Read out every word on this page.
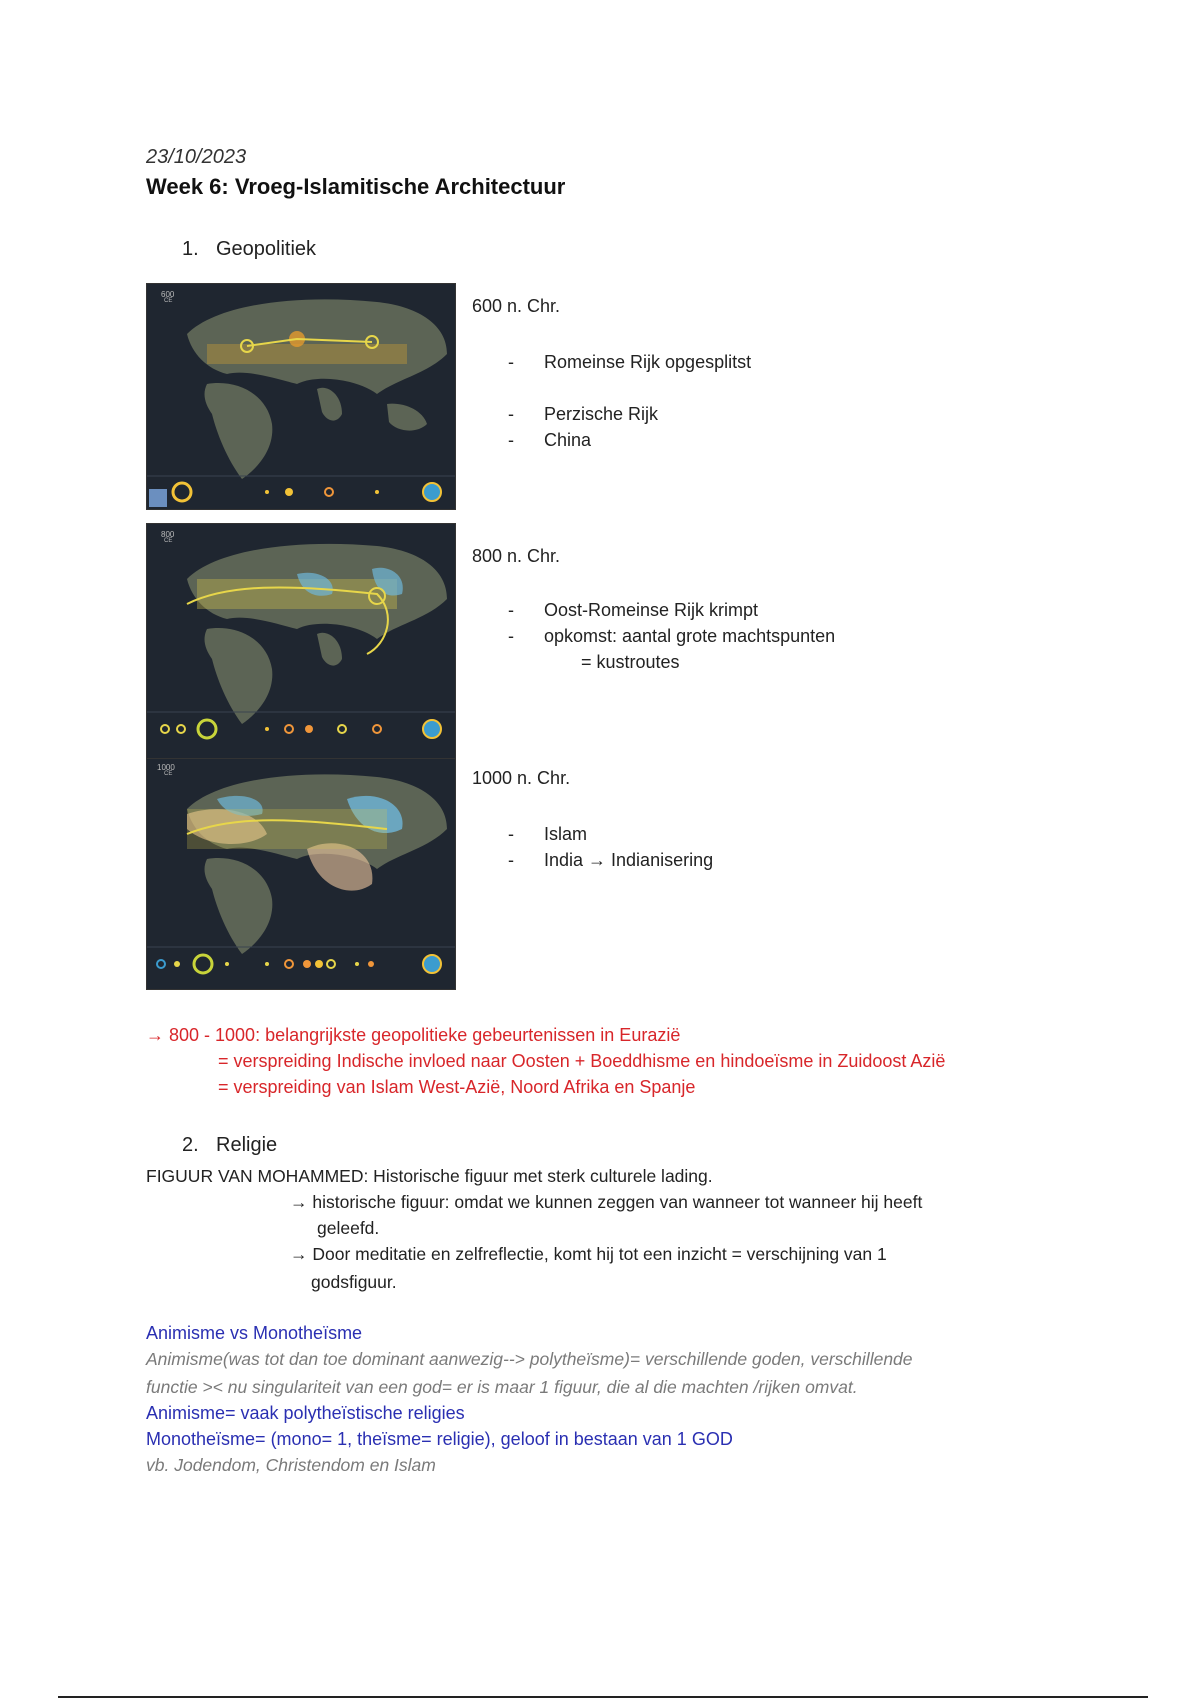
23/10/2023
Week 6: Vroeg-Islamitische Architectuur
1. Geopolitiek
600
CE
800
CE
1000
CE
600 n. Chr.
- Romeinse Rijk opgesplitst
- Perzische Rijk
- China
800 n. Chr.
- Oost-Romeinse Rijk krimpt
- opkomst: aantal grote machtspunten
= kustroutes
1000 n. Chr.
- Islam
- India → Indianisering
→ 800 - 1000: belangrijkste geopolitieke gebeurtenissen in Eurazië
= verspreiding Indische invloed naar Oosten + Boeddhisme en hindoeïsme in Zuidoost Azië
= verspreiding van Islam West-Azië, Noord Afrika en Spanje
2. Religie
FIGUUR VAN MOHAMMED: Historische figuur met sterk culturele lading.
→ historische figuur: omdat we kunnen zeggen van wanneer tot wanneer hij heeft
geleefd.
→ Door meditatie en zelfreflectie, komt hij tot een inzicht = verschijning van 1
godsfiguur.
Animisme vs Monotheïsme
Animisme(was tot dan toe dominant aanwezig--> polytheïsme)= verschillende goden, verschillende
functie >< nu singulariteit van een god= er is maar 1 figuur, die al die machten /rijken omvat.
Animisme= vaak polytheïstische religies
Monotheïsme= (mono= 1, theïsme= religie), geloof in bestaan van 1 GOD
vb. Jodendom, Christendom en Islam
